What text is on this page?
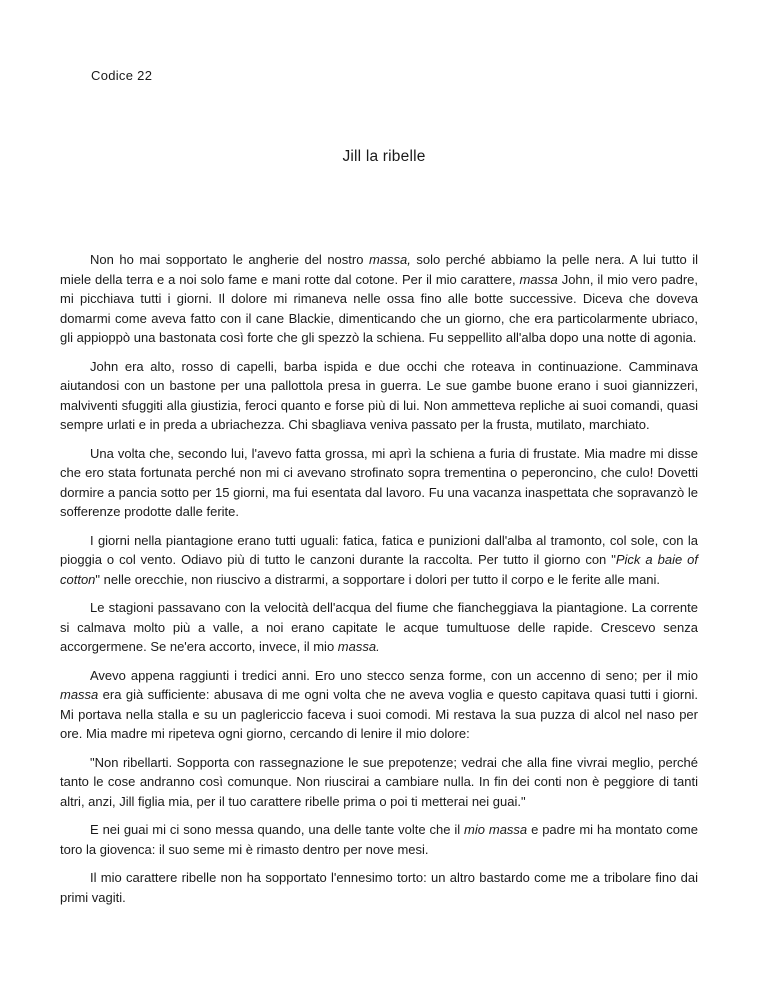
Codice 22
Jill la ribelle

Non ho mai sopportato le angherie del nostro massa, solo perché abbiamo la pelle nera. A lui tutto il miele della terra e a noi solo fame e mani rotte dal cotone. Per il mio carattere, massa John, il mio vero padre, mi picchiava tutti i giorni. Il dolore mi rimaneva nelle ossa fino alle botte successive. Diceva che doveva domarmi come aveva fatto con il cane Blackie, dimenticando che un giorno, che era particolarmente ubriaco, gli appioppò una bastonata così forte che gli spezzò la schiena. Fu seppellito all'alba dopo una notte di agonia.

John era alto, rosso di capelli, barba ispida e due occhi che roteava in continuazione. Camminava aiutandosi con un bastone per una pallottola presa in guerra. Le sue gambe buone erano i suoi giannizzeri, malviventi sfuggiti alla giustizia, feroci quanto e forse più di lui. Non ammetteva repliche ai suoi comandi, quasi sempre urlati e in preda a ubriachezza. Chi sbagliava veniva passato per la frusta, mutilato, marchiato.

Una volta che, secondo lui, l'avevo fatta grossa, mi aprì la schiena a furia di frustate. Mia madre mi disse che ero stata fortunata perché non mi ci avevano strofinato sopra trementina o peperoncino, che culo! Dovetti dormire a pancia sotto per 15 giorni, ma fui esentata dal lavoro. Fu una vacanza inaspettata che sopravanzò le sofferenze prodotte dalle ferite.

I giorni nella piantagione erano tutti uguali: fatica, fatica e punizioni dall'alba al tramonto, col sole, con la pioggia o col vento. Odiavo più di tutto le canzoni durante la raccolta. Per tutto il giorno con "Pick a baie of cotton" nelle orecchie, non riuscivo a distrarmi, a sopportare i dolori per tutto il corpo e le ferite alle mani.

Le stagioni passavano con la velocità dell'acqua del fiume che fiancheggiava la piantagione. La corrente si calmava molto più a valle, a noi erano capitate le acque tumultuose delle rapide. Crescevo senza accorgermene. Se ne'era accorto, invece, il mio massa.

Avevo appena raggiunti i tredici anni. Ero uno stecco senza forme, con un accenno di seno; per il mio massa era già sufficiente: abusava di me ogni volta che ne aveva voglia e questo capitava quasi tutti i giorni. Mi portava nella stalla e su un paglericcio faceva i suoi comodi. Mi restava la sua puzza di alcol nel naso per ore. Mia madre mi ripeteva ogni giorno, cercando di lenire il mio dolore:

"Non ribellarti. Sopporta con rassegnazione le sue prepotenze; vedrai che alla fine vivrai meglio, perché tanto le cose andranno così comunque. Non riuscirai a cambiare nulla. In fin dei conti non è peggiore di tanti altri, anzi, Jill figlia mia, per il tuo carattere ribelle prima o poi ti metterai nei guai."

E nei guai mi ci sono messa quando, una delle tante volte che il mio massa e padre mi ha montato come toro la giovenca: il suo seme mi è rimasto dentro per nove mesi.

Il mio carattere ribelle non ha sopportato l'ennesimo torto: un altro bastardo come me a tribolare fino dai primi vagiti.
